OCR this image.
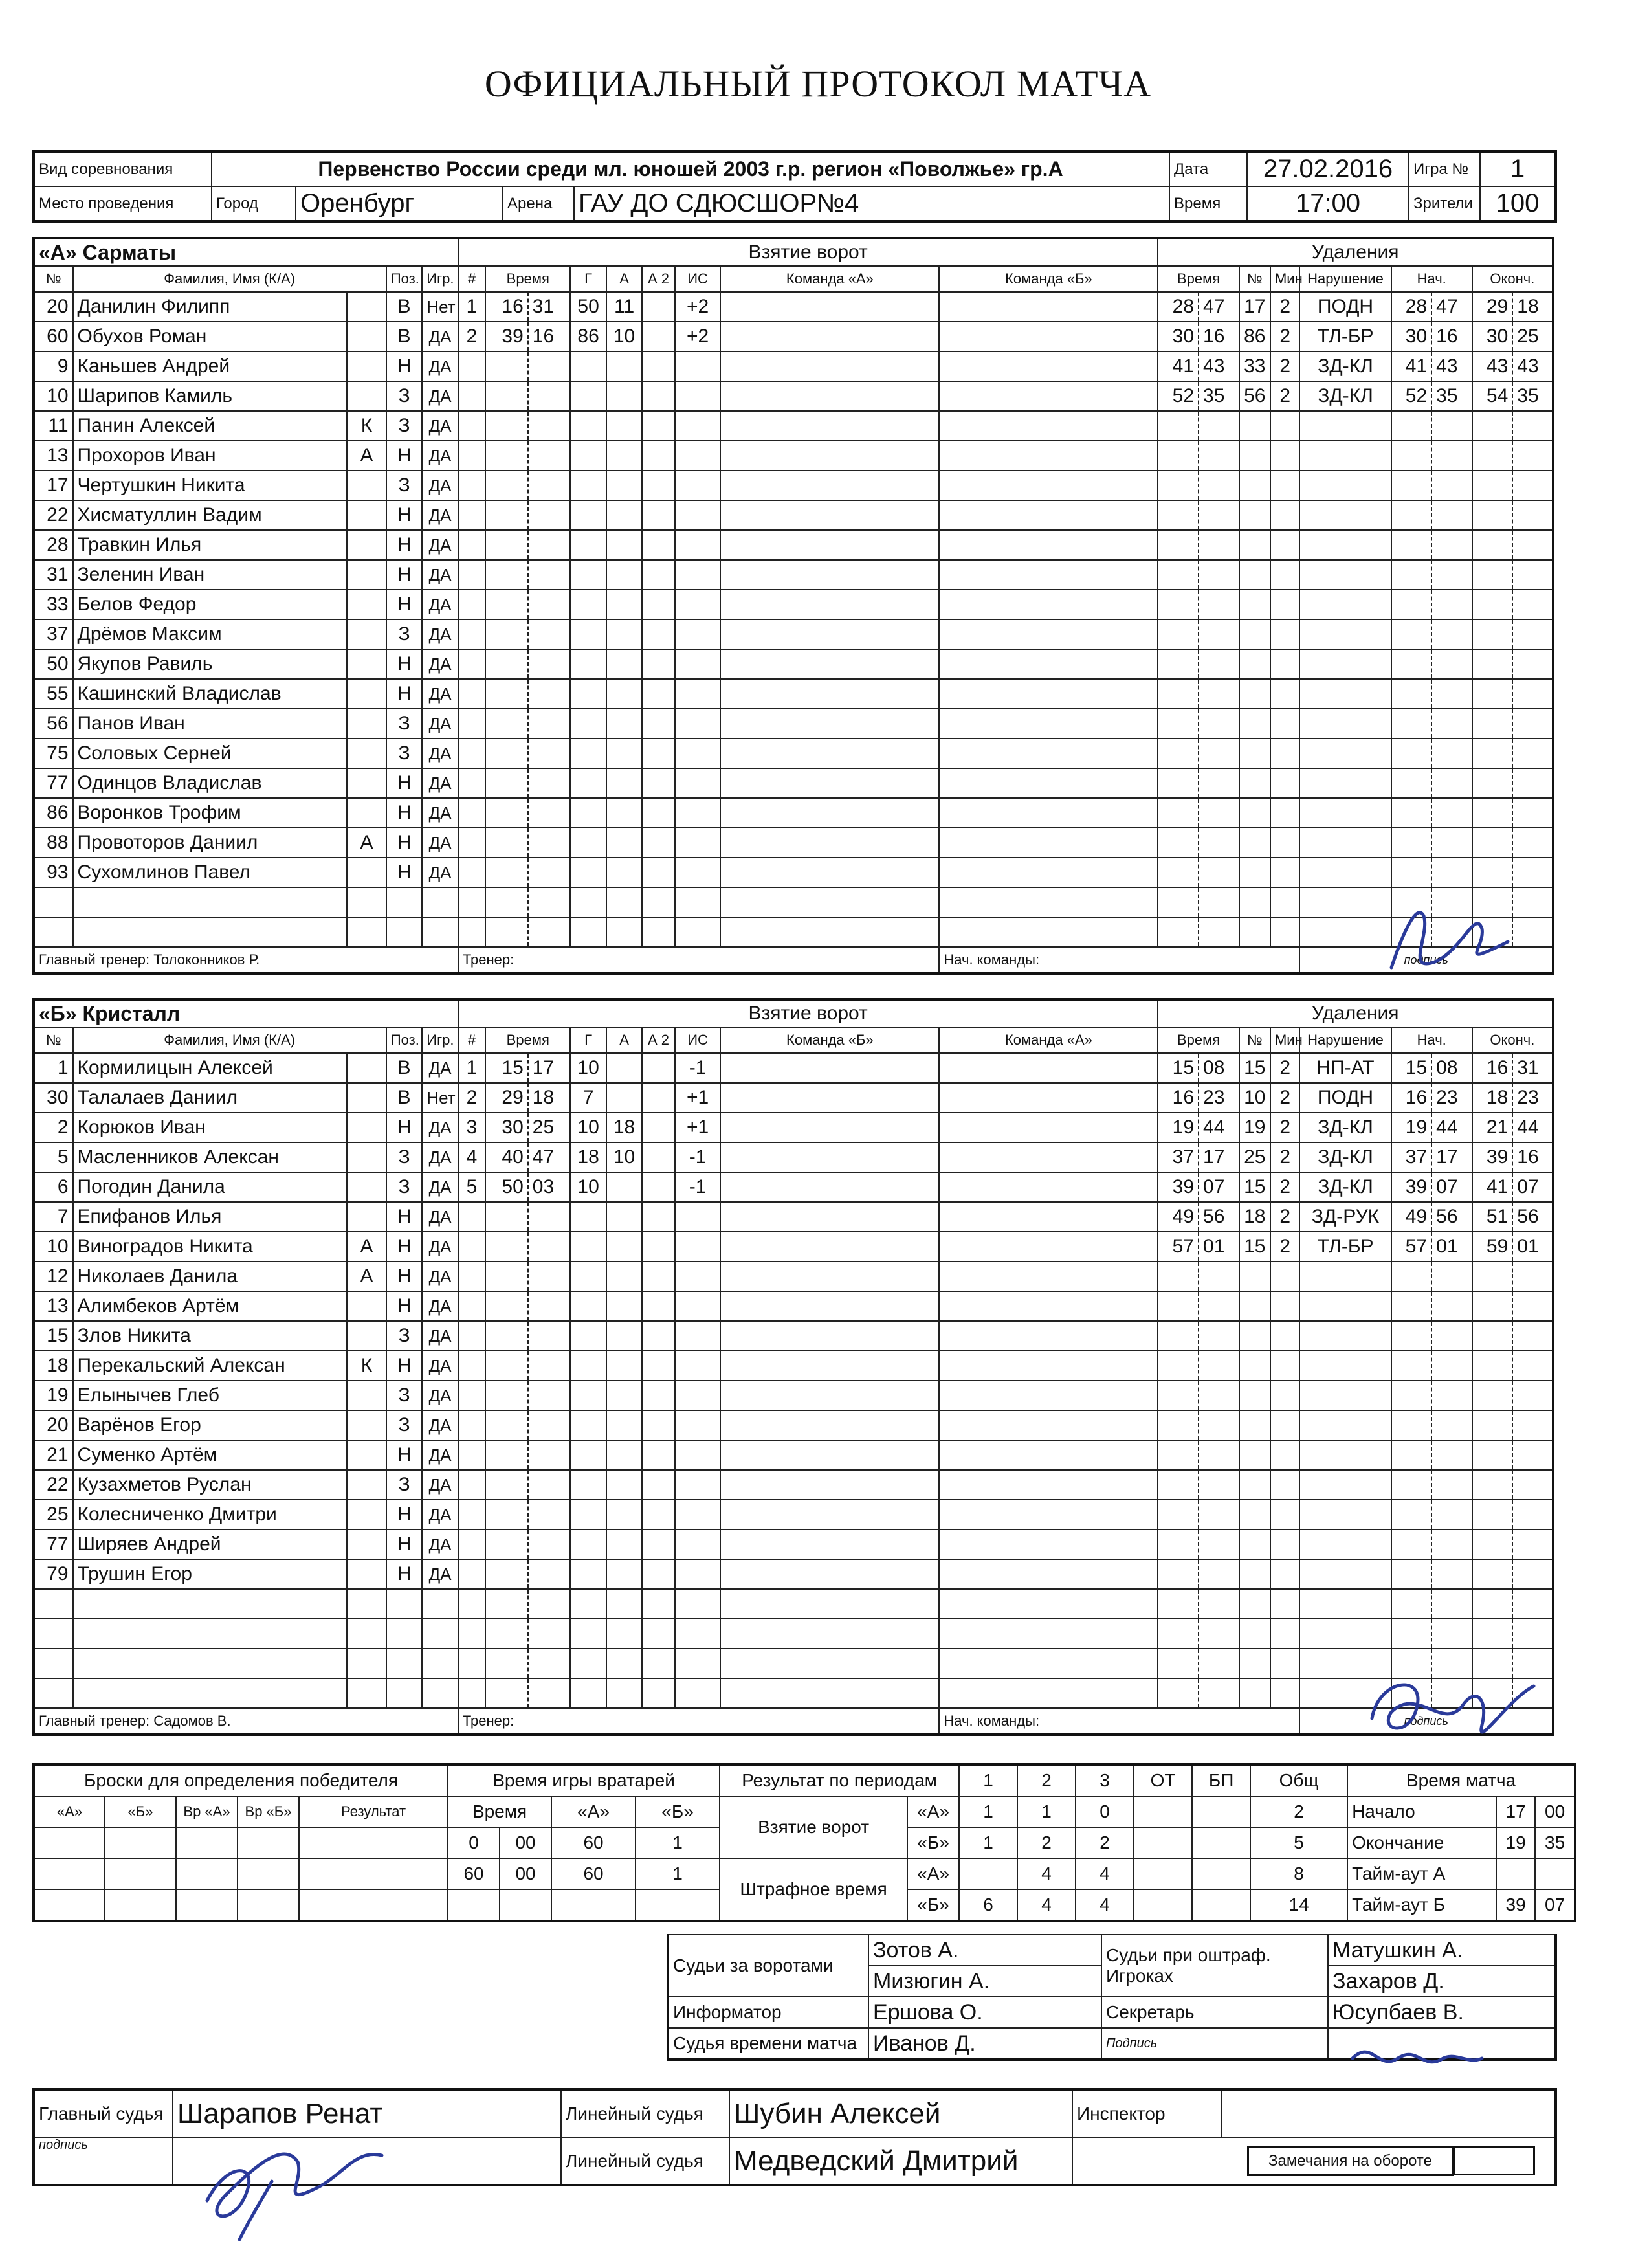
ОФИЦИАЛЬНЫЙ ПРОТОКОЛ МАТЧА
Вид соревнования	Первенство России среди мл. юношей 2003 г.р. регион «Поволжье» гр.А				Дата	27.02.2016	Игра №	1
Место проведения	Город	Оренбург	Арена	ГАУ ДО СДЮСШОР№4	Время	17:00	Зрители	100
«А» Сарматы					Взятие ворот									Удаления								
№	Фамилия, Имя (К/А)		Поз.	Игр.	#	Время		Г	А	А 2	ИС	Команда «А»	Команда «Б»	Время		№	Мин	Нарушение	Нач.		Оконч.	
20	Данилин Филипп		В	Нет	1	16	31	50	11		+2			28	47	17	2	ПОДН	28	47	29	18
60	Обухов Роман		В	ДА	2	39	16	86	10		+2			30	16	86	2	ТЛ-БР	30	16	30	25
9	Каньшев Андрей		Н	ДА										41	43	33	2	ЗД-КЛ	41	43	43	43
10	Шарипов Камиль		З	ДА										52	35	56	2	ЗД-КЛ	52	35	54	35
11	Панин Алексей	К	З	ДА																		
13	Прохоров Иван	А	Н	ДА																		
17	Чертушкин Никита		З	ДА																		
22	Хисматуллин Вадим		Н	ДА																		
28	Травкин Илья		Н	ДА																		
31	Зеленин Иван		Н	ДА																		
33	Белов Федор		Н	ДА																		
37	Дрёмов Максим		З	ДА																		
50	Якупов Равиль		Н	ДА																		
55	Кашинский Владислав		Н	ДА																		
56	Панов Иван		З	ДА																		
75	Соловых Серней		З	ДА																		
77	Одинцов Владислав		Н	ДА																		
86	Воронков Трофим		Н	ДА																		
88	Провоторов Даниил	А	Н	ДА																		
93	Сухомлинов Павел		Н	ДА																		

Главный тренер: Толоконников Р.					Тренер:								Нач. команды:					подпись				
«Б» Кристалл					Взятие ворот									Удаления								
№	Фамилия, Имя (К/А)		Поз.	Игр.	#	Время		Г	А	А 2	ИС	Команда «Б»	Команда «А»	Время		№	Мин	Нарушение	Нач.		Оконч.	
1	Кормилицын Алексей		В	ДА	1	15	17	10			-1			15	08	15	2	НП-АТ	15	08	16	31
30	Талалаев Даниил		В	Нет	2	29	18	7			+1			16	23	10	2	ПОДН	16	23	18	23
2	Корюков Иван		Н	ДА	3	30	25	10	18		+1			19	44	19	2	ЗД-КЛ	19	44	21	44
5	Масленников Алексан		З	ДА	4	40	47	18	10		-1			37	17	25	2	ЗД-КЛ	37	17	39	16
6	Погодин Данила		З	ДА	5	50	03	10			-1			39	07	15	2	ЗД-КЛ	39	07	41	07
7	Епифанов Илья		Н	ДА										49	56	18	2	ЗД-РУК	49	56	51	56
10	Виноградов Никита	А	Н	ДА										57	01	15	2	ТЛ-БР	57	01	59	01
12	Николаев Данила	А	Н	ДА																		
13	Алимбеков Артём		Н	ДА																		
15	Злов Никита		З	ДА																		
18	Перекальский Алексан	К	Н	ДА																		
19	Елынычев Глеб		З	ДА																		
20	Варёнов Егор		З	ДА																		
21	Суменко Артём		Н	ДА																		
22	Кузахметов Руслан		З	ДА																		
25	Колесниченко Дмитри		Н	ДА																		
77	Ширяев Андрей		Н	ДА																		
79	Трушин Егор		Н	ДА																		

Главный тренер: Садомов В.					Тренер:								Нач. команды:					подпись				
Броски для определения победителя					Время игры вратарей				Результат по периодам		1	2	3	ОТ	БП	Общ	Время матча		
«А»	«Б»	Вр «А»	Вр «Б»	Результат	Время		«А»	«Б»	Взятие ворот	«А»	1	1	0			2	Начало	17	00
					0	00	60	1		«Б»	1	2	2			5	Окончание	19	35
					60	00	60	1	Штрафное время	«А»		4	4			8	Тайм-аут А		
										«Б»	6	4	4			14	Тайм-аут Б	39	07
Судьи за воротами	Зотов А.	Судьи при оштраф. Игроках	Матушкин А.
	Мизюгин А.		Захаров Д.
Информатор	Ершова О.	Секретарь	Юсупбаев В.
Судья времени матча	Иванов Д.	Подпись	
Главный судья	Шарапов Ренат	Линейный судья	Шубин Алексей	Инспектор	
подпись		Линейный судья	Медведский Дмитрий	Замечания на обороте	
